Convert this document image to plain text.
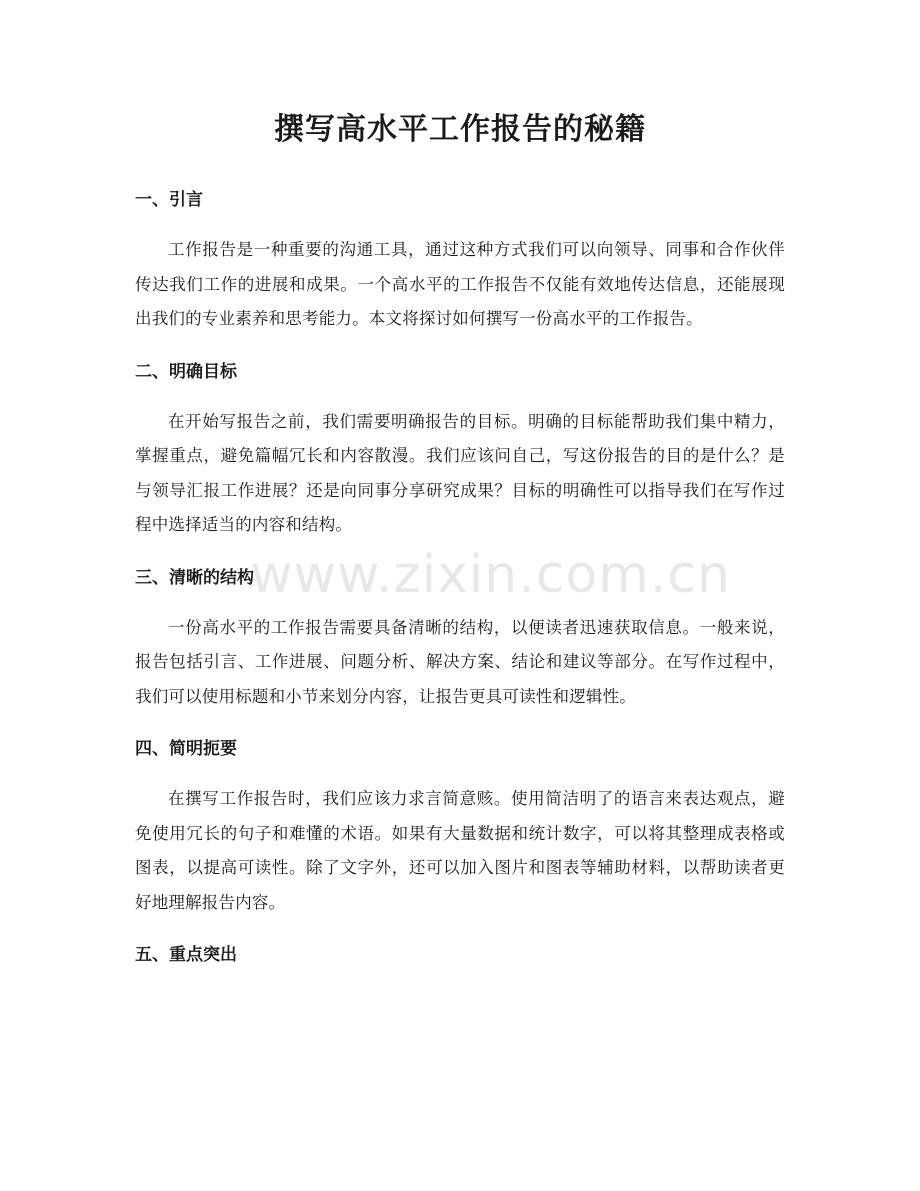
撰写高水平工作报告的秘籍
一、引言

工作报告是一种重要的沟通工具，通过这种方式我们可以向领导、同事和合作伙伴传达我们工作的进展和成果。一个高水平的工作报告不仅能有效地传达信息，还能展现出我们的专业素养和思考能力。本文将探讨如何撰写一份高水平的工作报告。

二、明确目标

在开始写报告之前，我们需要明确报告的目标。明确的目标能帮助我们集中精力，掌握重点，避免篇幅冗长和内容散漫。我们应该问自己，写这份报告的目的是什么？是与领导汇报工作进展？还是向同事分享研究成果？目标的明确性可以指导我们在写作过程中选择适当的内容和结构。

三、清晰的结构

一份高水平的工作报告需要具备清晰的结构，以便读者迅速获取信息。一般来说，报告包括引言、工作进展、问题分析、解决方案、结论和建议等部分。在写作过程中，我们可以使用标题和小节来划分内容，让报告更具可读性和逻辑性。

四、简明扼要

在撰写工作报告时，我们应该力求言简意赅。使用简洁明了的语言来表达观点，避免使用冗长的句子和难懂的术语。如果有大量数据和统计数字，可以将其整理成表格或图表，以提高可读性。除了文字外，还可以加入图片和图表等辅助材料，以帮助读者更好地理解报告内容。

五、重点突出
www.zixin.com.cn
